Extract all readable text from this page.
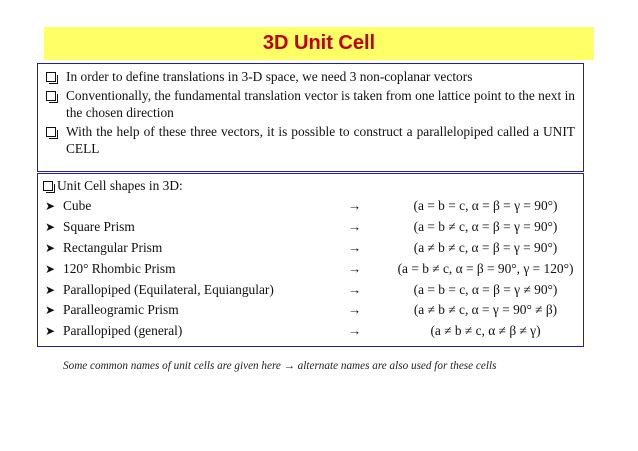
3D Unit Cell
In order to define translations in 3-D space, we need 3 non-coplanar vectors
Conventionally, the fundamental translation vector is taken from one lattice point to the next in the chosen direction
With the help of these three vectors, it is possible to construct a parallelopiped called a UNIT CELL
Unit Cell shapes in 3D:
➤ Cube	→	(a = b = c, α = β = γ = 90°)
➤ Square Prism	→	(a = b ≠ c, α = β = γ = 90°)
➤ Rectangular Prism	→	(a ≠ b ≠ c, α = β = γ = 90°)
➤ 120° Rhombic Prism	→	(a = b ≠ c, α = β = 90°, γ = 120°)
➤ Parallopiped (Equilateral, Equiangular)	→	(a = b = c, α = β = γ ≠ 90°)
➤ Paralleogramic Prism	→	(a ≠ b ≠ c, α = γ = 90° ≠ β)
➤ Parallopiped (general)	→	(a ≠ b ≠ c, α ≠ β ≠ γ)
Some common names of unit cells are given here → alternate names are also used for these cells
